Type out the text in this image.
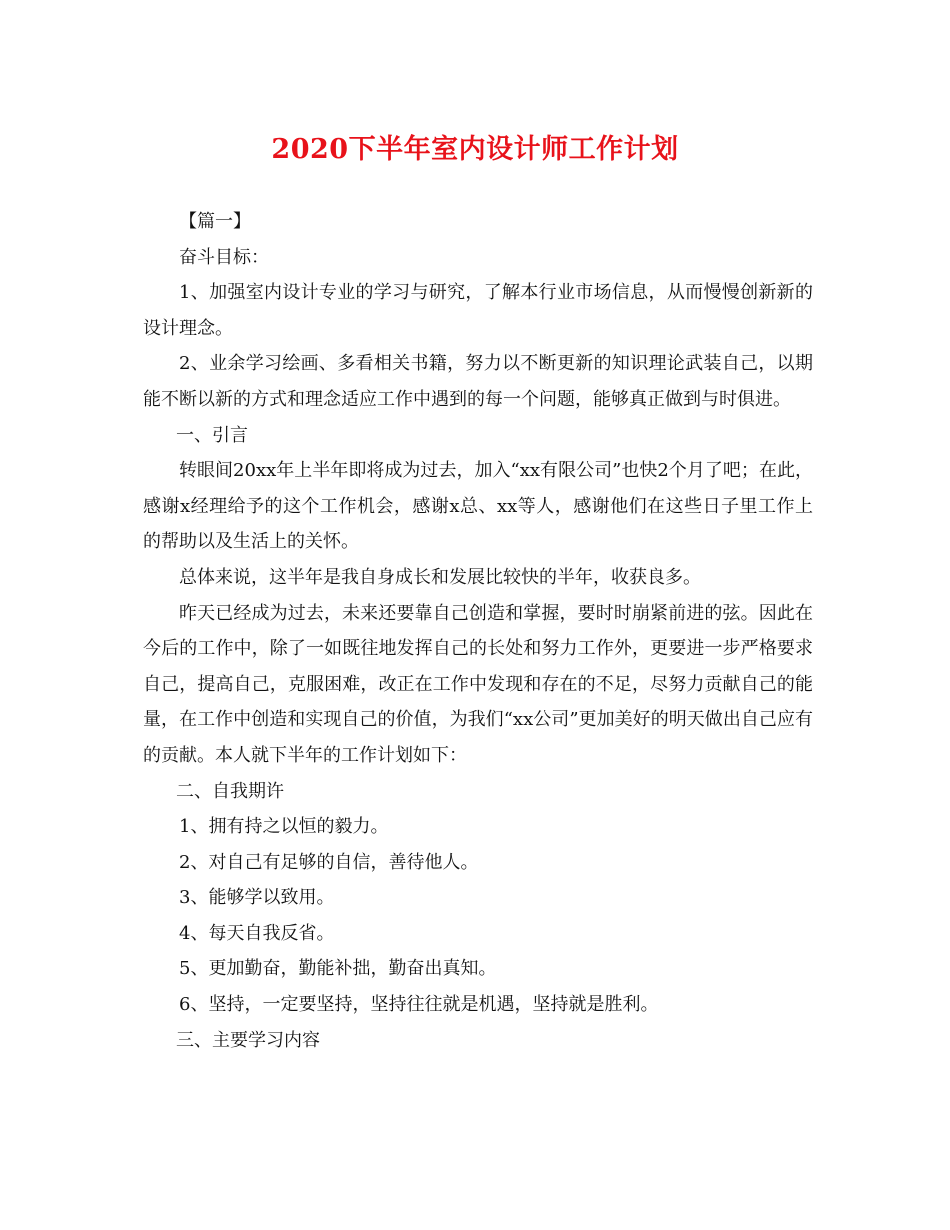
2020下半年室内设计师工作计划

【篇一】

奋斗目标：

1、加强室内设计专业的学习与研究，了解本行业市场信息，从而慢慢创新新的设计理念。

2、业余学习绘画、多看相关书籍，努力以不断更新的知识理论武装自己，以期能不断以新的方式和理念适应工作中遇到的每一个问题，能够真正做到与时俱进。

一、引言

转眼间20xx年上半年即将成为过去，加入“xx有限公司”也快2个月了吧；在此，感谢x经理给予的这个工作机会，感谢x总、xx等人，感谢他们在这些日子里工作上的帮助以及生活上的关怀。

总体来说，这半年是我自身成长和发展比较快的半年，收获良多。

昨天已经成为过去，未来还要靠自己创造和掌握，要时时崩紧前进的弦。因此在今后的工作中，除了一如既往地发挥自己的长处和努力工作外，更要进一步严格要求自己，提高自己，克服困难，改正在工作中发现和存在的不足，尽努力贡献自己的能量，在工作中创造和实现自己的价值，为我们“xx公司”更加美好的明天做出自己应有的贡献。本人就下半年的工作计划如下：

二、自我期许

1、拥有持之以恒的毅力。

2、对自己有足够的自信，善待他人。

3、能够学以致用。

4、每天自我反省。

5、更加勤奋，勤能补拙，勤奋出真知。

6、坚持，一定要坚持，坚持往往就是机遇，坚持就是胜利。

三、主要学习内容
